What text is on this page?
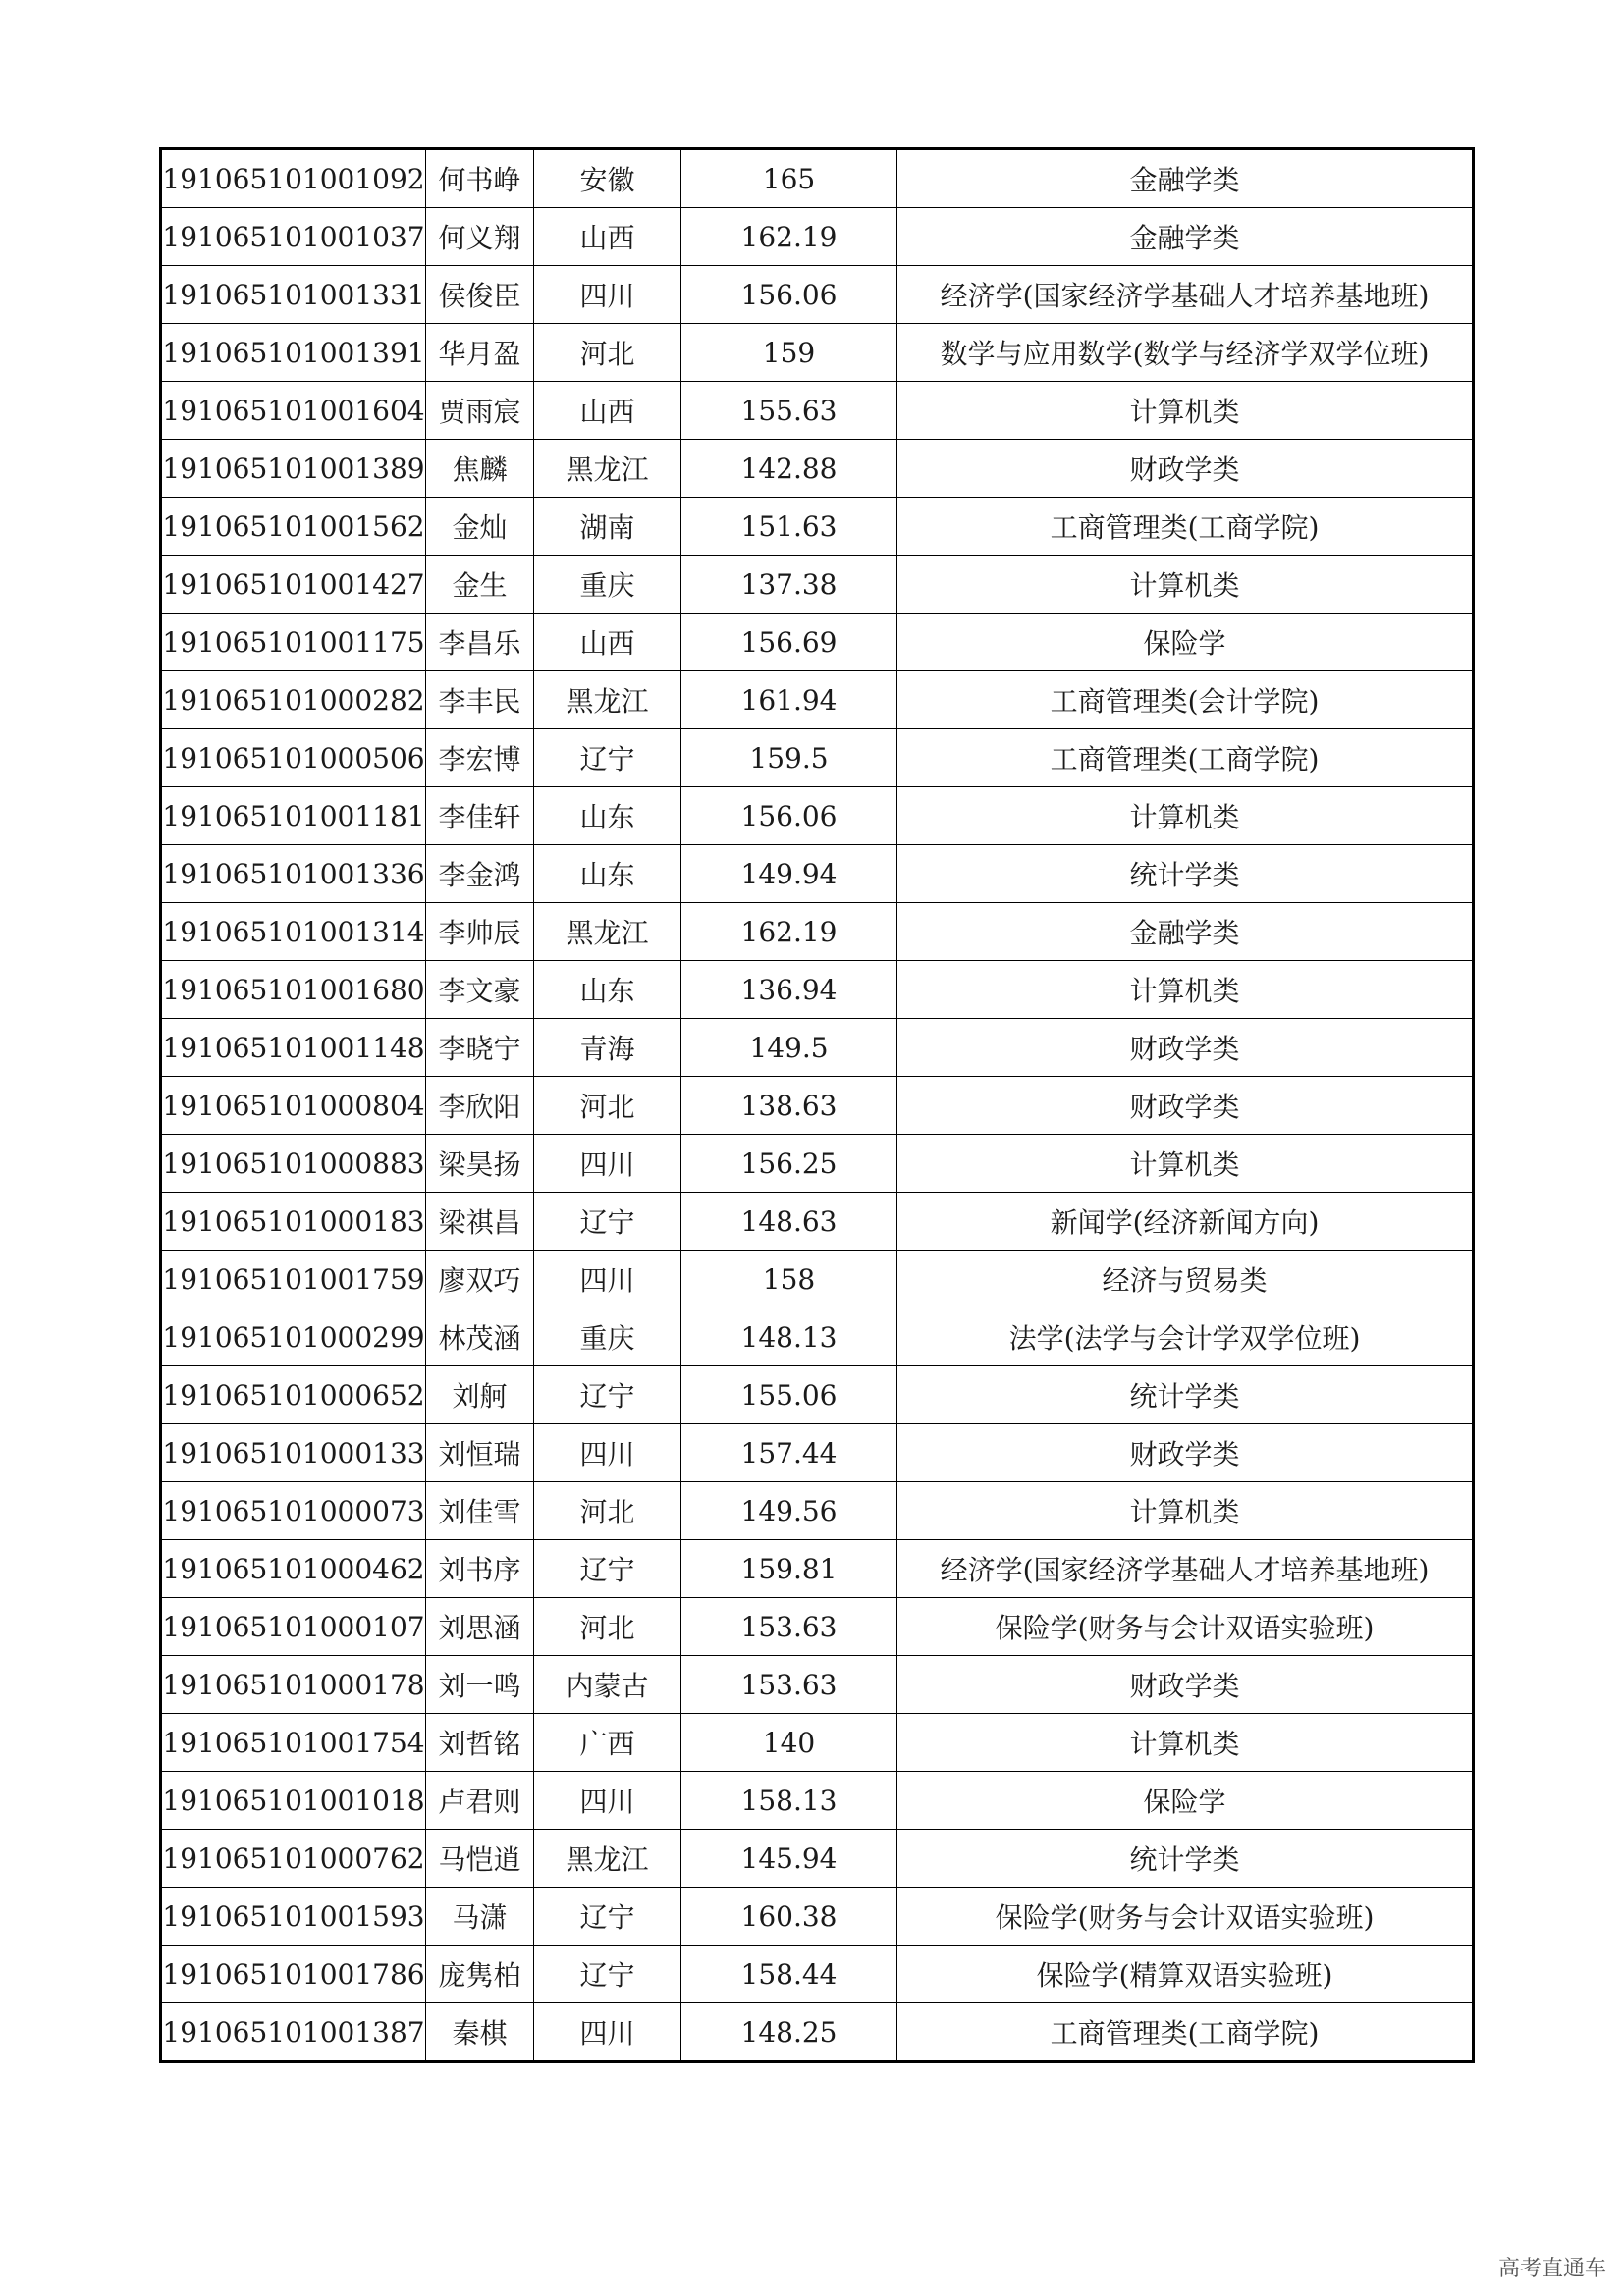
191065101001092	何书峥	安徽	165	金融学类
191065101001037	何义翔	山西	162.19	金融学类
191065101001331	侯俊臣	四川	156.06	经济学(国家经济学基础人才培养基地班)
191065101001391	华月盈	河北	159	数学与应用数学(数学与经济学双学位班)
191065101001604	贾雨宸	山西	155.63	计算机类
191065101001389	焦麟	黑龙江	142.88	财政学类
191065101001562	金灿	湖南	151.63	工商管理类(工商学院)
191065101001427	金生	重庆	137.38	计算机类
191065101001175	李昌乐	山西	156.69	保险学
191065101000282	李丰民	黑龙江	161.94	工商管理类(会计学院)
191065101000506	李宏博	辽宁	159.5	工商管理类(工商学院)
191065101001181	李佳轩	山东	156.06	计算机类
191065101001336	李金鸿	山东	149.94	统计学类
191065101001314	李帅辰	黑龙江	162.19	金融学类
191065101001680	李文豪	山东	136.94	计算机类
191065101001148	李晓宁	青海	149.5	财政学类
191065101000804	李欣阳	河北	138.63	财政学类
191065101000883	梁昊扬	四川	156.25	计算机类
191065101000183	梁祺昌	辽宁	148.63	新闻学(经济新闻方向)
191065101001759	廖双巧	四川	158	经济与贸易类
191065101000299	林茂涵	重庆	148.13	法学(法学与会计学双学位班)
191065101000652	刘舸	辽宁	155.06	统计学类
191065101000133	刘恒瑞	四川	157.44	财政学类
191065101000073	刘佳雪	河北	149.56	计算机类
191065101000462	刘书序	辽宁	159.81	经济学(国家经济学基础人才培养基地班)
191065101000107	刘思涵	河北	153.63	保险学(财务与会计双语实验班)
191065101000178	刘一鸣	内蒙古	153.63	财政学类
191065101001754	刘哲铭	广西	140	计算机类
191065101001018	卢君则	四川	158.13	保险学
191065101000762	马恺逍	黑龙江	145.94	统计学类
191065101001593	马潇	辽宁	160.38	保险学(财务与会计双语实验班)
191065101001786	庞隽柏	辽宁	158.44	保险学(精算双语实验班)
191065101001387	秦棋	四川	148.25	工商管理类(工商学院)
高考直通车
